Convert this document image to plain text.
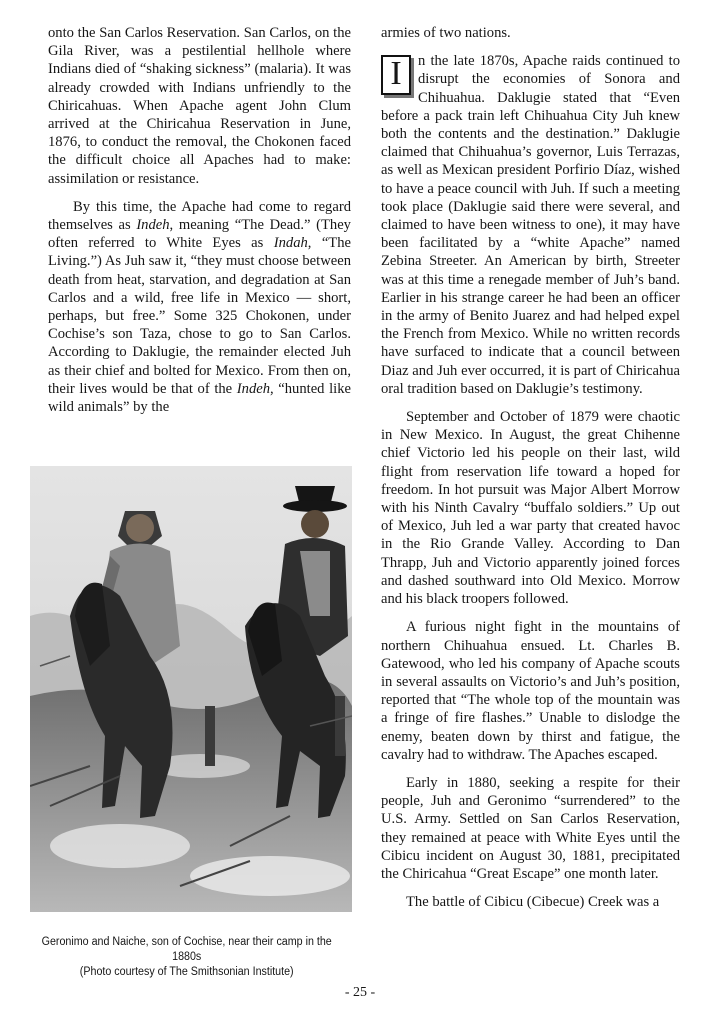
onto the San Carlos Reservation. San Carlos, on the Gila River, was a pestilential hellhole where Indians died of “shaking sickness” (malaria). It was already crowded with Indians unfriendly to the Chiricahuas. When Apache agent John Clum arrived at the Chiricahua Reservation in June, 1876, to conduct the removal, the Chokonen faced the difficult choice all Apaches had to make: assimilation or resistance.

By this time, the Apache had come to regard themselves as Indeh, meaning “The Dead.” (They often referred to White Eyes as Indah, “The Living.”) As Juh saw it, “they must choose between death from heat, starvation, and degradation at San Carlos and a wild, free life in Mexico — short, perhaps, but free.” Some 325 Chokonen, under Cochise’s son Taza, chose to go to San Carlos. According to Daklugie, the remainder elected Juh as their chief and bolted for Mexico. From then on, their lives would be that of the Indeh, “hunted like wild animals” by the

armies of two nations.

I	n the late 1870s, Apache raids continued to disrupt the economies of Sonora and Chihuahua. Daklugie stated that “Even before a pack train left Chihuahua City Juh knew both the contents and the destination.” Daklugie claimed that Chihuahua’s governor, Luis Terrazas, as well as Mexican president Porfirio Díaz, wished to have a peace council with Juh. If such a meeting took place (Daklugie said there were several, and claimed to have been witness to one), it may have been facilitated by a “white Apache” named Zebina Streeter. An American by birth, Streeter was at this time a renegade member of Juh’s band. Earlier in his strange career he had been an officer in the army of Benito Juarez and had helped expel the French from Mexico. While no written records have surfaced to indicate that a council between Diaz and Juh ever occurred, it is part of Chiricahua oral tradition based on Daklugie’s testimony.

September and October of 1879 were chaotic in New Mexico. In August, the great Chihenne chief Victorio led his people on their last, wild flight from reservation life toward a hoped for freedom. In hot pursuit was Major Albert Morrow with his Ninth Cavalry “buffalo soldiers.” Up out of Mexico, Juh led a war party that created havoc in the Rio Grande Valley. According to Dan Thrapp, Juh and Victorio apparently joined forces and dashed southward into Old Mexico. Morrow and his black troopers followed.

A furious night fight in the mountains of northern Chihuahua ensued. Lt. Charles B. Gatewood, who led his company of Apache scouts in several assaults on Victorio’s and Juh’s position, reported that “The whole top of the mountain was a fringe of fire flashes.” Unable to dislodge the enemy, beaten down by thirst and fatigue, the cavalry had to withdraw. The Apaches escaped.

Early in 1880, seeking a respite for their people, Juh and Geronimo “surrendered” to the U.S. Army. Settled on San Carlos Reservation, they remained at peace with White Eyes until the Cibicu incident on August 30, 1881, precipitated the Chiricahua “Great Escape” one month later.

The battle of Cibicu (Cibecue) Creek was a

Geronimo and Naiche, son of Cochise, near their camp in the 1880s
(Photo courtesy of The Smithsonian Institute)
- 25 -
